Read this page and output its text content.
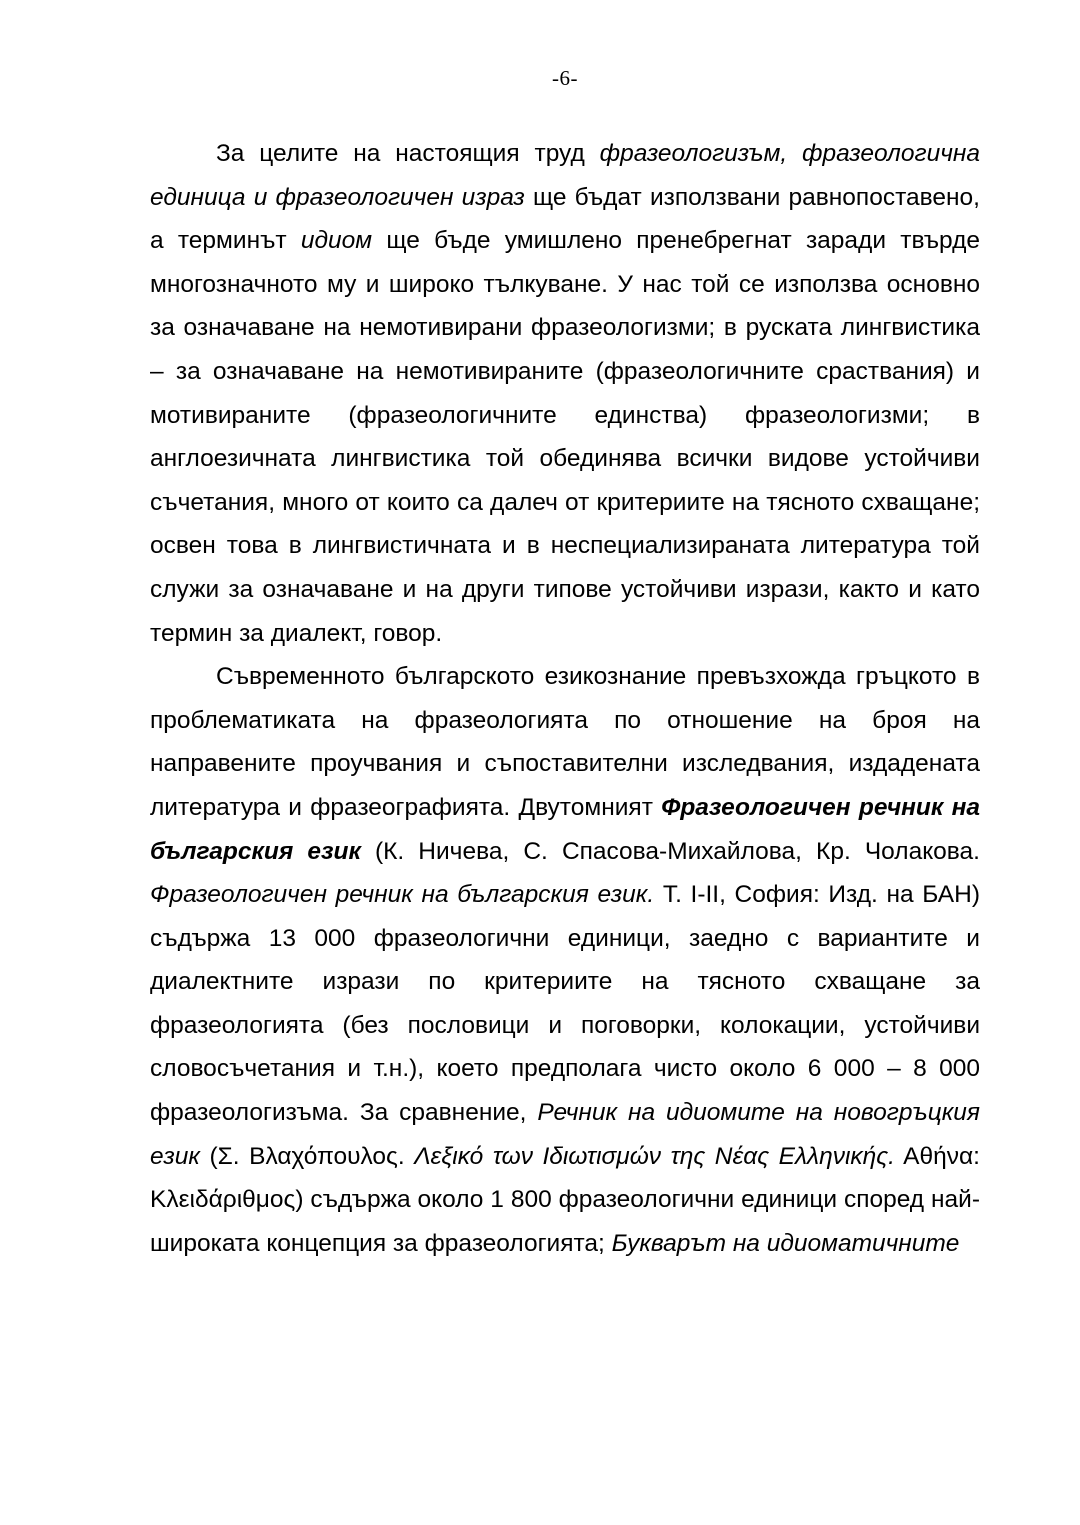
-6-

За целите на настоящия труд фразеологизъм, фразеологична единица и фразеологичен израз ще бъдат използвани равнопоставено, а терминът идиом ще бъде умишлено пренебрегнат заради твърде многозначното му и широко тълкуване. У нас той се използва основно за означаване на немотивирани фразеологизми; в руската лингвистика – за означаване на немотивираните (фразеологичните сраствания) и мотивираните (фразеологичните единства) фразеологизми; в англоезичната лингвистика той обединява всички видове устойчиви съчетания, много от които са далеч от критериите на тясното схващане; освен това в лингвистичната и в неспециализираната литература той служи за означаване и на други типове устойчиви изрази, както и като термин за диалект, говор.

Съвременното българското езикознание превъзхожда гръцкото в проблематиката на фразеологията по отношение на броя на направените проучвания и съпоставителни изследвания, издадената литература и фразеографията. Двутомният Фразеологичен речник на българския език (К. Ничева, С. Спасова-Михайлова, Кр. Чолакова. Фразеологичен речник на българския език. Т. I-II, София: Изд. на БАН) съдържа 13 000 фразеологични единици, заедно с вариантите и диалектните изрази по критериите на тясното схващане за фразеологията (без пословици и поговорки, колокации, устойчиви словосъчетания и т.н.), което предполага чисто около 6 000 – 8 000 фразеологизъма. За сравнение, Речник на идиомите на новогръцкия език (Σ. Βλαχόπουλος. Λεξικό των Ιδιωτισμών της Νέας Ελληνικής. Αθήνα: Κλειδάριθμος) съдържа около 1 800 фразеологични единици според най-широката концепция за фразеологията; Букварът на идиоматичните
